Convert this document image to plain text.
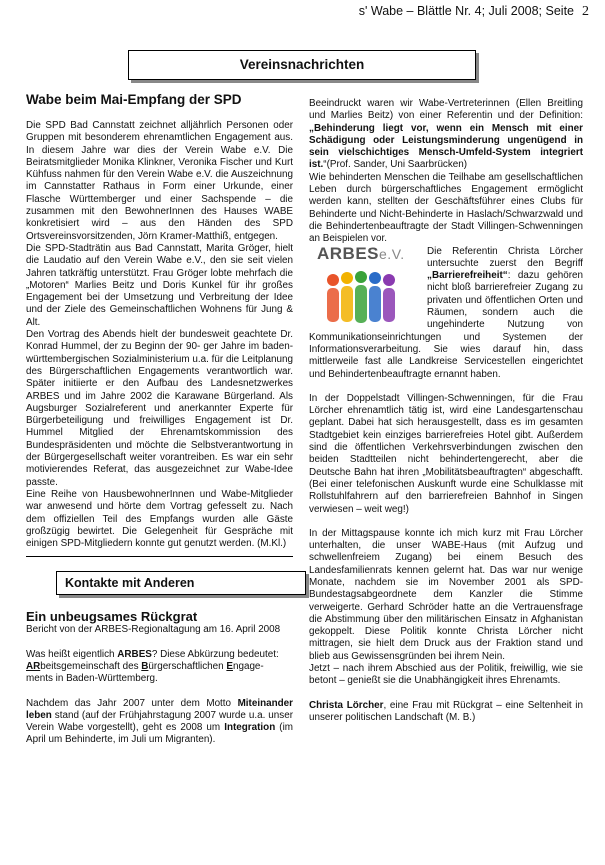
s' Wabe – Blättle Nr. 4; Juli 2008; Seite 2
Vereinsnachrichten
Wabe beim Mai-Empfang der SPD

Die SPD Bad Cannstatt zeichnet alljährlich Personen oder Gruppen mit besonderem ehrenamtlichen Engagement aus. In diesem Jahre war dies der Verein Wabe e.V. Die Beiratsmitglieder Monika Klinkner, Veronika Fischer und Kurt Kühfuss nahmen für den Verein Wabe e.V. die Auszeichnung im Cannstatter Rathaus in Form einer Urkunde, einer Flasche Württemberger und einer Sachspende – die zusammen mit den BewohnerInnen des Hauses WABE konkretisiert wird – aus den Händen des SPD Ortsvereinsvorsitzenden, Jörn Kramer-Matthiß, entgegen.

Die SPD-Stadträtin aus Bad Cannstatt, Marita Gröger, hielt die Laudatio auf den Verein Wabe e.V., den sie seit vielen Jahren tatkräftig unterstützt. Frau Gröger lobte mehrfach die „Motoren“ Marlies Beitz und Doris Kunkel für ihr großes Engagement bei der Umsetzung und Verbreitung der Idee und der Ziele des Gemeinschaftlichen Wohnens für Jung & Alt.

Den Vortrag des Abends hielt der bundesweit geachtete Dr. Konrad Hummel, der zu Beginn der 90- ger Jahre im baden-württembergischen Sozialministerium u.a. für die Leitplanung des Bürgerschaftlichen Engagements verantwortlich war. Später initiierte er den Aufbau des Landesnetzwerkes ARBES und im Jahre 2002 die Karawane Bürgerland. Als Augsburger Sozialreferent und anerkannter Experte für Bürgerbeteiligung und freiwilliges Engagement ist Dr. Hummel Mitglied der Ehrenamtskommission des Bundespräsidenten und möchte die Selbstverantwortung in der Bürgergesellschaft weiter vorantreiben. Es war ein sehr motivierendes Referat, das ausgezeichnet zur Wabe-Idee passte.

Eine Reihe von HausbewohnerInnen und Wabe-Mitglieder war anwesend und hörte dem Vortrag gefesselt zu. Nach dem offiziellen Teil des Empfangs wurden alle Gäste großzügig bewirtet. Die Gelegenheit für Gespräche mit einigen SPD-Mitgliedern konnte gut genutzt werden. (M.Kl.)

Kontakte mit Anderen
Ein unbeugsames Rückgrat

Bericht von der ARBES-Regionaltagung am 16. April 2008

Was heißt eigentlich ARBES? Diese Abkürzung bedeutet: ARbeitsgemeinschaft des Bürgerschaftlichen Engage- ments in Baden-Württemberg.

Nachdem das Jahr 2007 unter dem Motto Miteinander leben stand (auf der Frühjahrstagung 2007 wurde u.a. unser Verein Wabe vorgestellt), geht es 2008 um Integration (im April um Behinderte, im Juli um Migranten).

Beeindruckt waren wir Wabe-Vertreterinnen (Ellen Breitling und Marlies Beitz) von einer Referentin und der Definition: „Behinderung liegt vor, wenn ein Mensch mit einer Schädigung oder Leistungsminderung ungenügend in sein vielschichtiges Mensch-Umfeld-System integriert ist.“(Prof. Sander, Uni Saarbrücken)

Wie behinderten Menschen die Teilhabe am gesellschaftlichen Leben durch bürgerschaftliches Engagement ermöglicht werden kann, stellten der Geschäftsführer eines Clubs für Behinderte und Nicht-Behinderte in Haslach/Schwarzwald und die Behindertenbeauftragte der Stadt Villingen-Schwenningen an Beispielen vor.

ARBESe.V.	Die Referentin Christa Lörcher untersuchte zuerst den Begriff „Barrierefreiheit“: dazu gehören nicht bloß barrierefreier Zugang zu privaten und öffentlichen Orten und Räumen, sondern auch die ungehinderte Nutzung von Kommunikationseinrichtungen und Systemen der Informationsverarbeitung. Sie wies darauf hin, dass mittlerweile fast alle Landkreise Servicestellen eingerichtet und Behindertenbeauftragte ernannt haben.

In der Doppelstadt Villingen-Schwenningen, für die Frau Lörcher ehrenamtlich tätig ist, wird eine Landesgartenschau geplant. Dabei hat sich herausgestellt, dass es im gesamten Stadtgebiet kein einziges barrierefreies Hotel gibt. Außerdem sind die öffentlichen Verkehrsverbindungen zwischen den beiden Stadtteilen nicht behindertengerecht, aber die Deutsche Bahn hat ihren „Mobilitätsbeauftragten“ abgeschafft. (Bei einer telefonischen Auskunft wurde eine Schulklasse mit Rollstuhlfahrern auf den barrierefreien Bahnhof in Singen verwiesen – weit weg!)

In der Mittagspause konnte ich mich kurz mit Frau Lörcher unterhalten, die unser WABE-Haus (mit Aufzug und schwellenfreiem Zugang) bei einem Besuch des Landesfamilienrats kennen gelernt hat. Das war nur wenige Monate, nachdem sie im November 2001 als SPD-Bundestagsabgeordnete dem Kanzler die Stimme verweigerte. Gerhard Schröder hatte an die Vertrauensfrage die Abstimmung über den militärischen Einsatz in Afghanistan gekoppelt. Diese Politik konnte Christa Lörcher nicht mittragen, sie hielt dem Druck aus der Fraktion stand und blieb aus Gewissensgründen bei ihrem Nein.

Jetzt – nach ihrem Abschied aus der Politik, freiwillig, wie sie betont – genießt sie die Unabhängigkeit ihres Ehrenamts.

Christa Lörcher, eine Frau mit Rückgrat – eine Seltenheit in unserer politischen Landschaft (M. B.)
